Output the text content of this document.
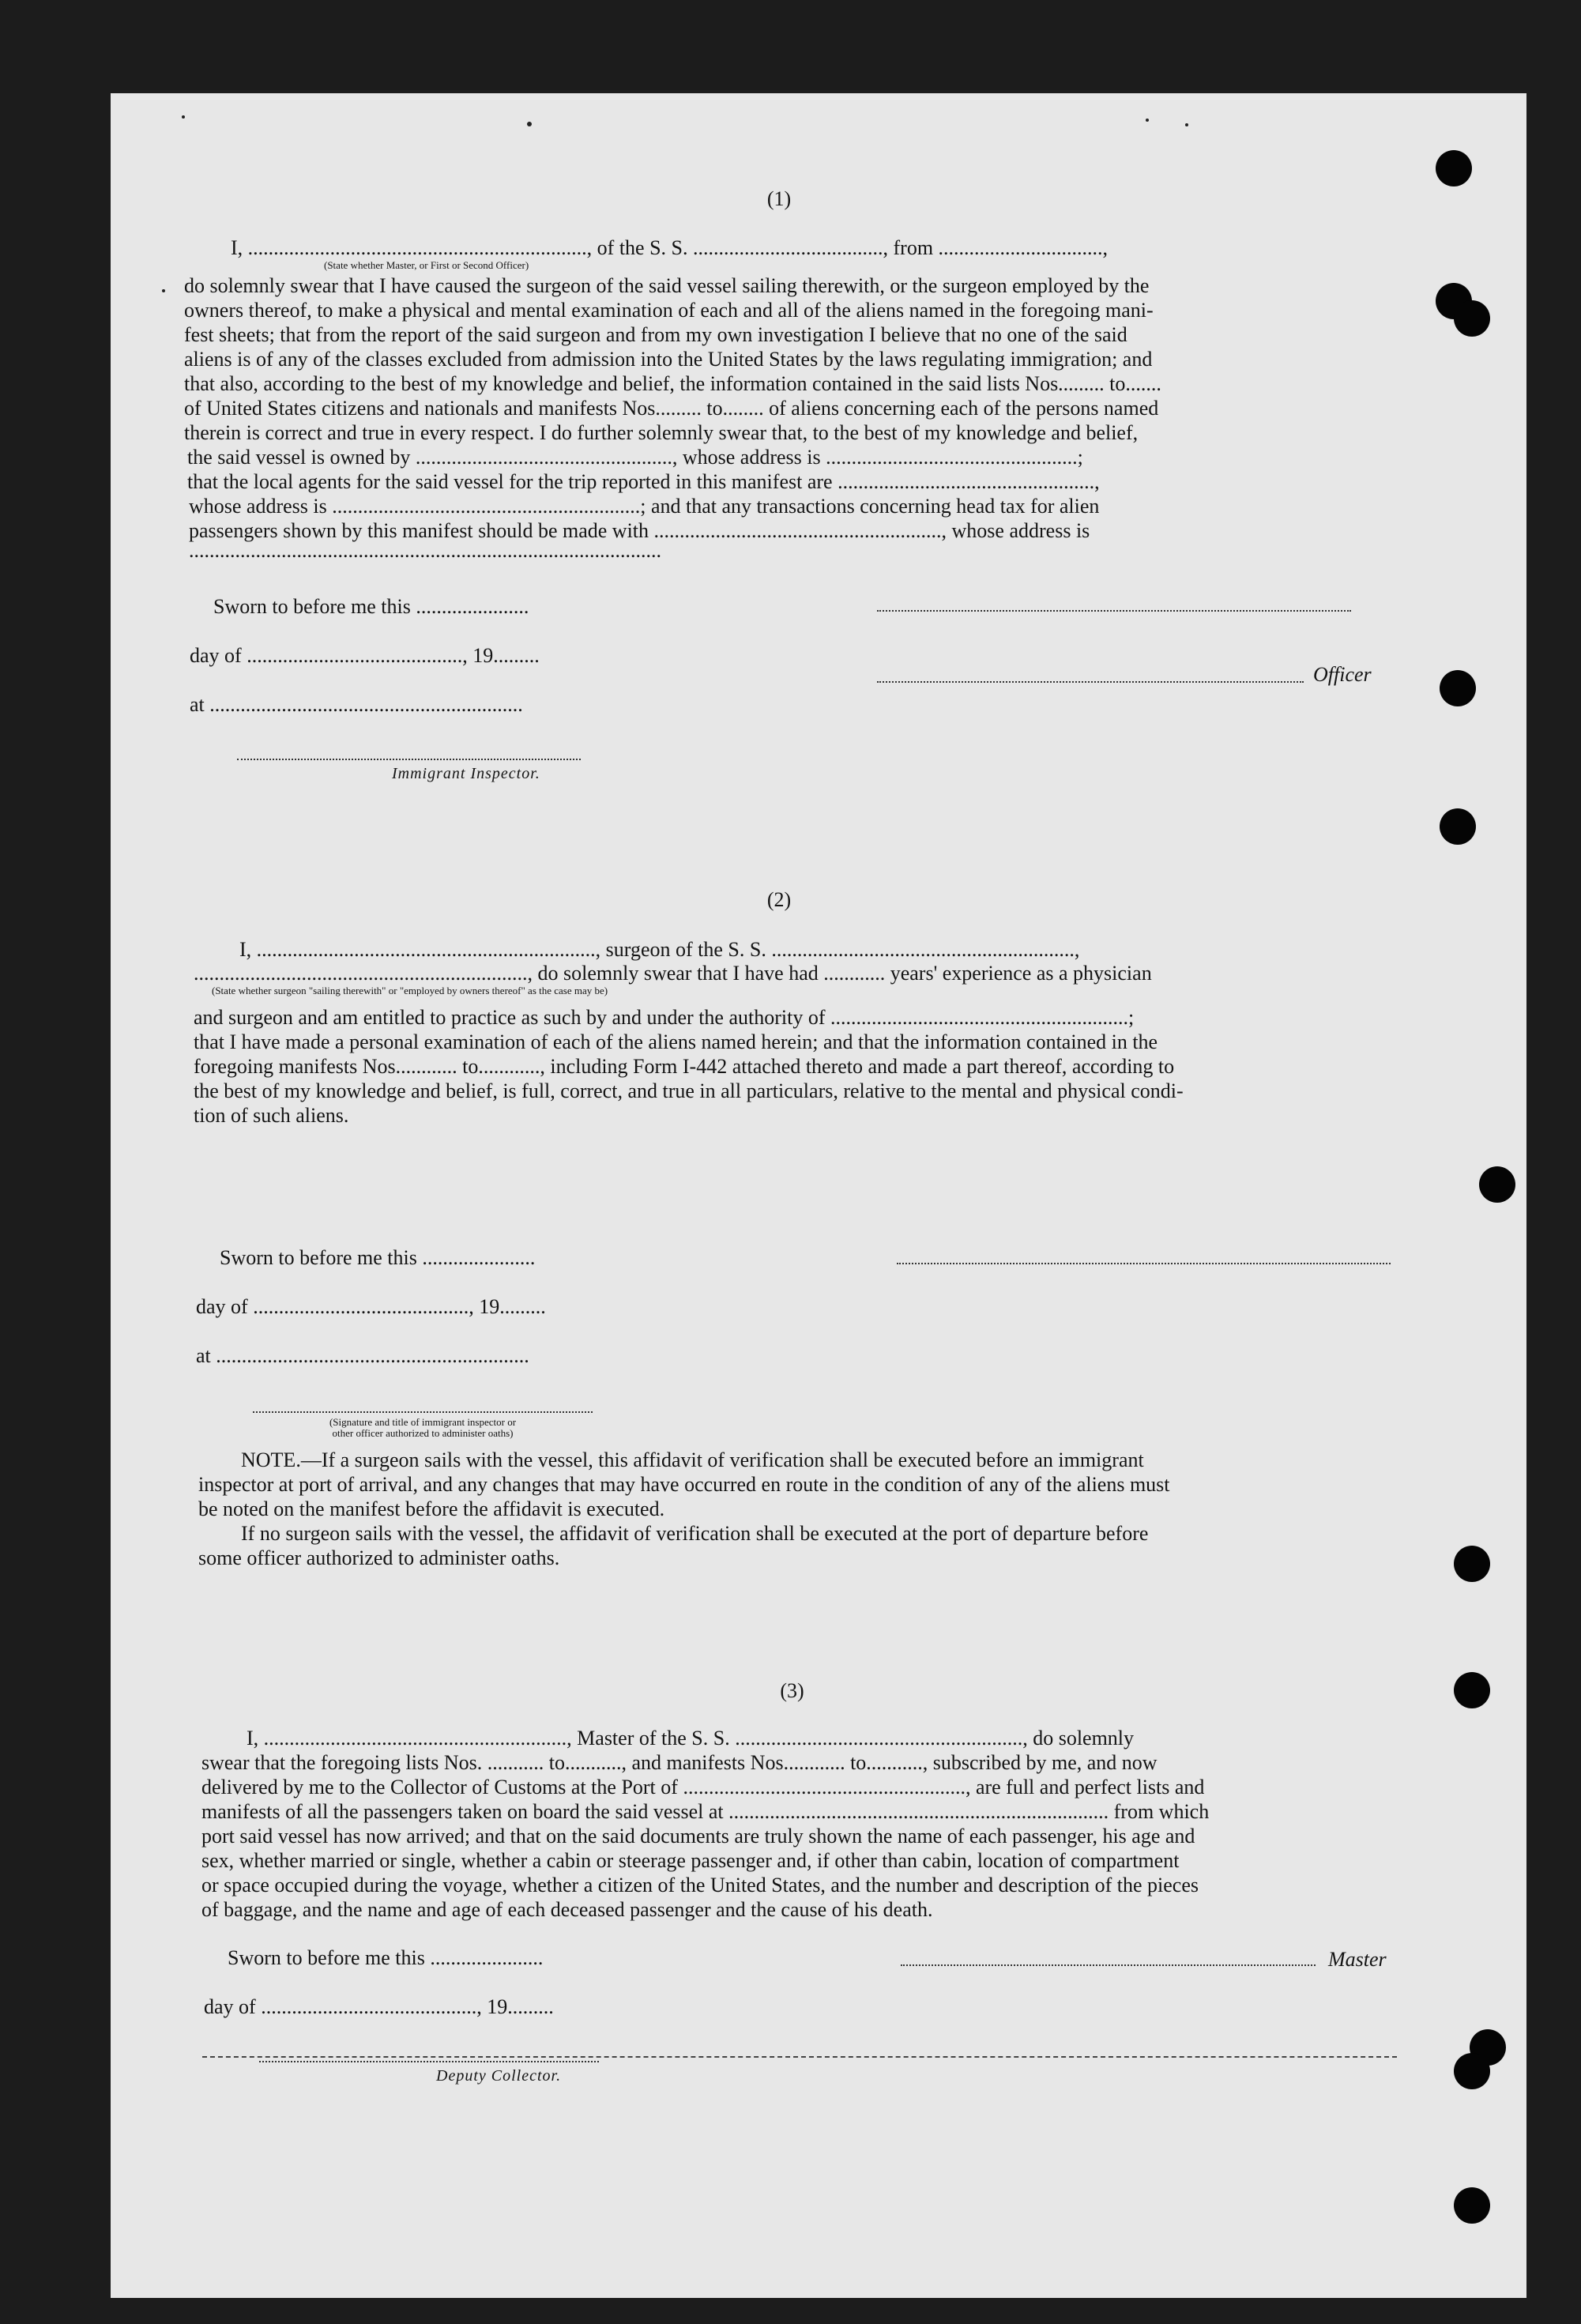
(1)
I, .................................................................., of the S. S. ....................................., from ................................,
(State whether Master, or First or Second Officer)
do solemnly swear that I have caused the surgeon of the said vessel sailing therewith, or the surgeon employed by the
owners thereof, to make a physical and mental examination of each and all of the aliens named in the foregoing mani-
fest sheets; that from the report of the said surgeon and from my own investigation I believe that no one of the said
aliens is of any of the classes excluded from admission into the United States by the laws regulating immigration; and
that also, according to the best of my knowledge and belief, the information contained in the said lists Nos......... to.......
of United States citizens and nationals and manifests Nos......... to........ of aliens concerning each of the persons named
therein is correct and true in every respect. I do further solemnly swear that, to the best of my knowledge and belief,
the said vessel is owned by .................................................., whose address is .................................................;
that the local agents for the said vessel for the trip reported in this manifest are ..................................................,
whose address is ............................................................; and that any transactions concerning head tax for alien
passengers shown by this manifest should be made with ........................................................, whose address is
............................................................................................
Sworn to before me this ......................
day of .........................................., 19.........
Officer
at .............................................................
Immigrant Inspector.
(2)
I, .................................................................., surgeon of the S. S. ...........................................................,
................................................................., do solemnly swear that I have had ............ years' experience as a physician
(State whether surgeon "sailing therewith" or "employed by owners thereof" as the case may be)
and surgeon and am entitled to practice as such by and under the authority of ..........................................................;
that I have made a personal examination of each of the aliens named herein; and that the information contained in the
foregoing manifests Nos............ to............, including Form I-442 attached thereto and made a part thereof, according to
the best of my knowledge and belief, is full, correct, and true in all particulars, relative to the mental and physical condi-
tion of such aliens.
Sworn to before me this ......................
day of .........................................., 19.........
at .............................................................
(Signature and title of immigrant inspector or
other officer authorized to administer oaths)
NOTE.—If a surgeon sails with the vessel, this affidavit of verification shall be executed before an immigrant
inspector at port of arrival, and any changes that may have occurred en route in the condition of any of the aliens must
be noted on the manifest before the affidavit is executed.
If no surgeon sails with the vessel, the affidavit of verification shall be executed at the port of departure before
some officer authorized to administer oaths.
(3)
I, ..........................................................., Master of the S. S. ........................................................, do solemnly
swear that the foregoing lists Nos. ........... to..........., and manifests Nos............ to..........., subscribed by me, and now
delivered by me to the Collector of Customs at the Port of ......................................................., are full and perfect lists and
manifests of all the passengers taken on board the said vessel at .......................................................................... from which
port said vessel has now arrived; and that on the said documents are truly shown the name of each passenger, his age and
sex, whether married or single, whether a cabin or steerage passenger and, if other than cabin, location of compartment
or space occupied during the voyage, whether a citizen of the United States, and the number and description of the pieces
of baggage, and the name and age of each deceased passenger and the cause of his death.
Sworn to before me this ......................	Master
day of .........................................., 19.........
Deputy Collector.
